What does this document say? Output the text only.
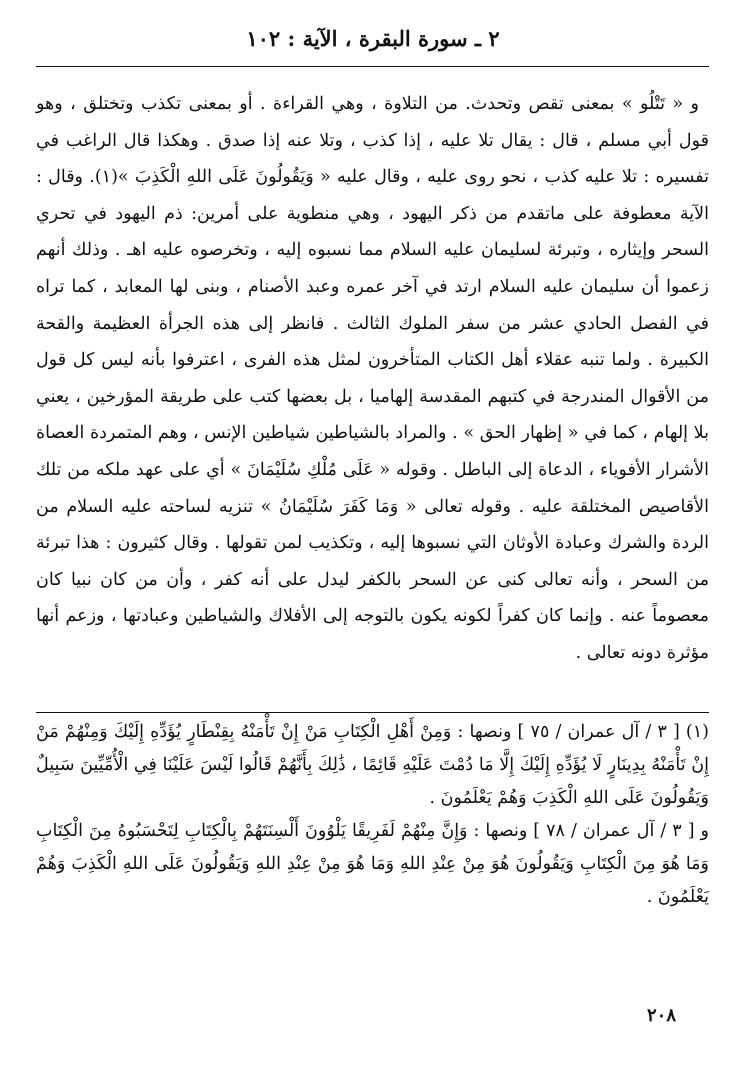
٢ ـ سورة البقرة ، الآية : ١٠٢

و « تَتْلُو » بمعنى تقص وتحدث. من التلاوة ، وهي القراءة . أو بمعنى تكذب وتختلق ، وهو قول أبي مسلم ، قال : يقال تلا عليه ، إذا كذب ، وتلا عنه إذا صدق . وهكذا قال الراغب في تفسيره : تلا عليه كذب ، نحو روى عليه ، وقال عليه « وَيَقُولُونَ عَلَى اللهِ الْكَذِبَ »(١). وقال : الآية معطوفة على ماتقدم من ذكر اليهود ، وهي منطوية على أمرين: ذم اليهود في تحري السحر وإيثاره ، وتبرئة لسليمان عليه السلام مما نسبوه إليه ، وتخرصوه عليه اهـ . وذلك أنهم زعموا أن سليمان عليه السلام ارتد في آخر عمره وعبد الأصنام ، وبنى لها المعابد ، كما تراه في الفصل الحادي عشر من سفر الملوك الثالث . فانظر إلى هذه الجرأة العظيمة والقحة الكبيرة . ولما تنبه عقلاء أهل الكتاب المتأخرون لمثل هذه الفرى ، اعترفوا بأنه ليس كل قول من الأقوال المندرجة في كتبهم المقدسة إلهاميا ، بل بعضها كتب على طريقة المؤرخين ، يعني بلا إلهام ، كما في « إظهار الحق » . والمراد بالشياطين شياطين الإنس ، وهم المتمردة العصاة الأشرار الأفوياء ، الدعاة إلى الباطل . وقوله « عَلَى مُلْكِ سُلَيْمَانَ » أي على عهد ملكه من تلك الأقاصيص المختلقة عليه . وقوله تعالى « وَمَا كَفَرَ سُلَيْمَانُ » تنزيه لساحته عليه السلام من الردة والشرك وعبادة الأوثان التي نسبوها إليه ، وتكذيب لمن تقولها . وقال كثيرون : هذا تبرئة من السحر ، وأنه تعالى كنى عن السحر بالكفر ليدل على أنه كفر ، وأن من كان نبيا كان معصوماً عنه . وإنما كان كفراً لكونه يكون بالتوجه إلى الأفلاك والشياطين وعبادتها ، وزعم أنها مؤثرة دونه تعالى .

(١) [ ٣ / آل عمران / ٧٥ ] ونصها : وَمِنْ أَهْلِ الْكِتَابِ مَنْ إِنْ تَأْمَنْهُ بِقِنْطَارٍ يُؤَدِّهِ إِلَيْكَ وَمِنْهُمْ مَنْ إِنْ تَأْمَنْهُ بِدِينَارٍ لَا يُؤَدِّهِ إِلَيْكَ إِلَّا مَا دُمْتَ عَلَيْهِ قَائِمًا ، ذَٰلِكَ بِأَنَّهُمْ قَالُوا لَيْسَ عَلَيْنَا فِي الْأُمِّيِّينَ سَبِيلٌ وَيَقُولُونَ عَلَى اللهِ الْكَذِبَ وَهُمْ يَعْلَمُونَ .

و [ ٣ / آل عمران / ٧٨ ] ونصها : وَإِنَّ مِنْهُمْ لَفَرِيقًا يَلْوُونَ أَلْسِنَتَهُمْ بِالْكِتَابِ لِتَحْسَبُوهُ مِنَ الْكِتَابِ وَمَا هُوَ مِنَ الْكِتَابِ وَيَقُولُونَ هُوَ مِنْ عِنْدِ اللهِ وَمَا هُوَ مِنْ عِنْدِ اللهِ وَيَقُولُونَ عَلَى اللهِ الْكَذِبَ وَهُمْ يَعْلَمُونَ .

٢٠٨
